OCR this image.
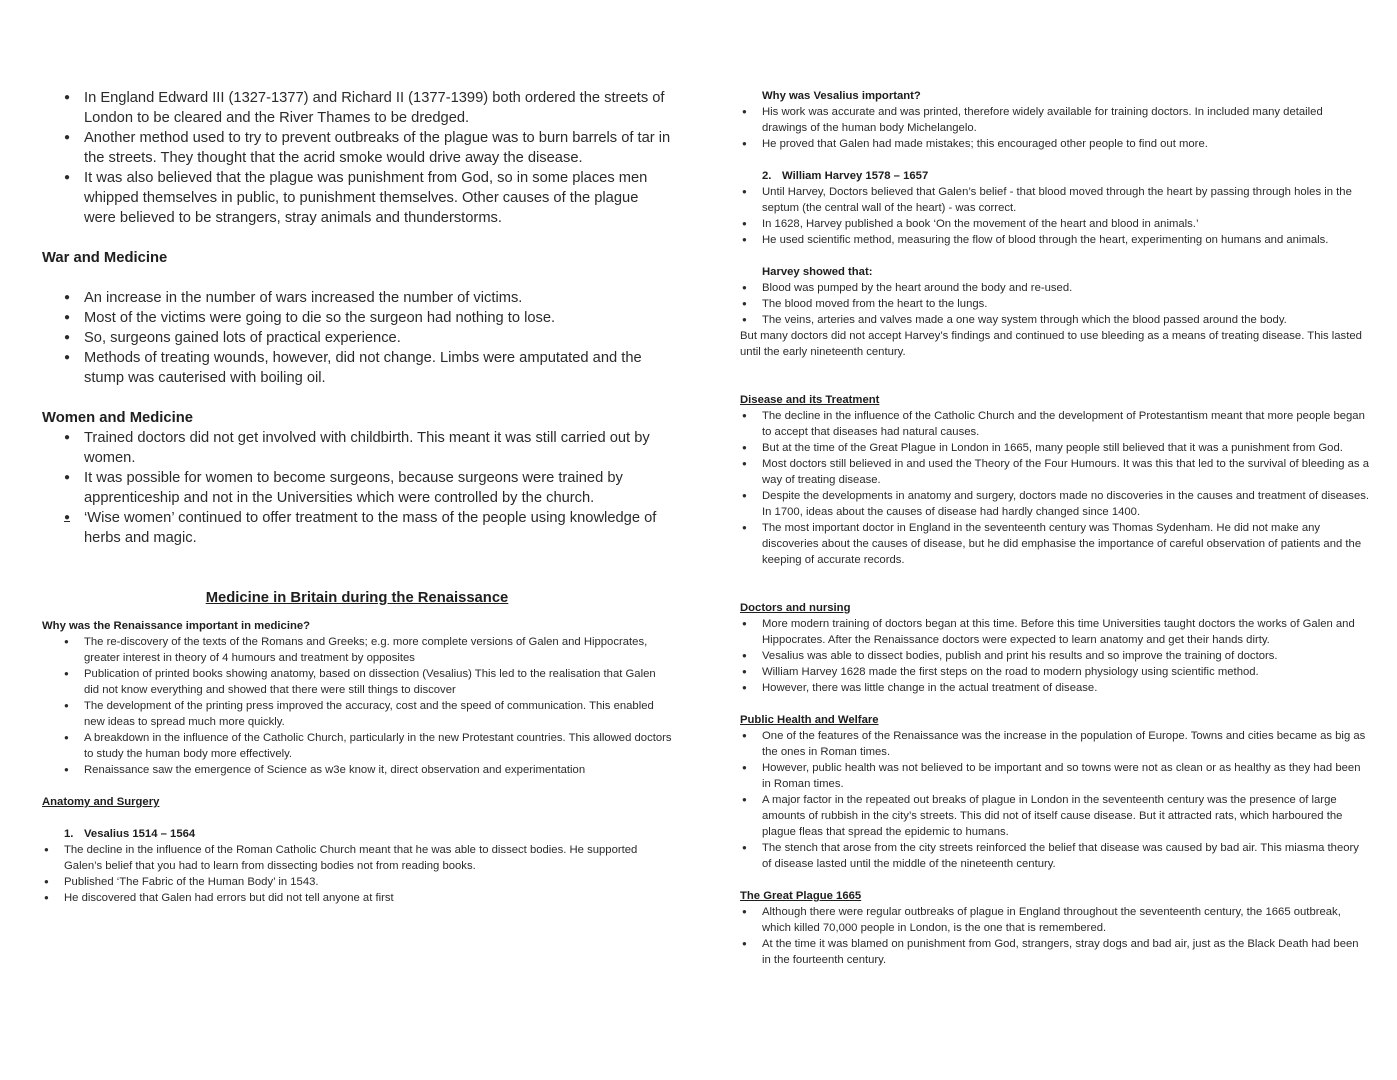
● In England Edward III (1327-1377) and Richard II (1377-1399) both ordered the streets of London to be cleared and the River Thames to be dredged.
● Another method used to try to prevent outbreaks of the plague was to burn barrels of tar in the streets. They thought that the acrid smoke would drive away the disease.
● It was also believed that the plague was punishment from God, so in some places men whipped themselves in public, to punishment themselves. Other causes of the plague were believed to be strangers, stray animals and thunderstorms.
War and Medicine
● An increase in the number of wars increased the number of victims.
● Most of the victims were going to die so the surgeon had nothing to lose.
● So, surgeons gained lots of practical experience.
● Methods of treating wounds, however, did not change. Limbs were amputated and the stump was cauterised with boiling oil.
Women and Medicine
● Trained doctors did not get involved with childbirth. This meant it was still carried out by women.
● It was possible for women to become surgeons, because surgeons were trained by apprenticeship and not in the Universities which were controlled by the church.
● ‘Wise women’ continued to offer treatment to the mass of the people using knowledge of herbs and magic.
Medicine in Britain during the Renaissance

Why was the Renaissance important in medicine?

● The re-discovery of the texts of the Romans and Greeks; e.g. more complete versions of Galen and Hippocrates, greater interest in theory of 4 humours and treatment by opposites
● Publication of printed books showing anatomy, based on dissection (Vesalius) This led to the realisation that Galen did not know everything and showed that there were still things to discover
● The development of the printing press improved the accuracy, cost and the speed of communication. This enabled new ideas to spread much more quickly.
● A breakdown in the influence of the Catholic Church, particularly in the new Protestant countries. This allowed doctors to study the human body more effectively.
● Renaissance saw the emergence of Science as w3e know it, direct observation and experimentation

Anatomy and Surgery

1. Vesalius 1514 – 1564

● The decline in the influence of the Roman Catholic Church meant that he was able to dissect bodies. He supported Galen’s belief that you had to learn from dissecting bodies not from reading books.
● Published ‘The Fabric of the Human Body’ in 1543.
● He discovered that Galen had errors but did not tell anyone at first

Why was Vesalius important?

● His work was accurate and was printed, therefore widely available for training doctors. In included many detailed drawings of the human body Michelangelo.
● He proved that Galen had made mistakes; this encouraged other people to find out more.

2. William Harvey 1578 – 1657

● Until Harvey, Doctors believed that Galen’s belief - that blood moved through the heart by passing through holes in the septum (the central wall of the heart) - was correct.
● In 1628, Harvey published a book ‘On the movement of the heart and blood in animals.’
● He used scientific method, measuring the flow of blood through the heart, experimenting on humans and animals.

Harvey showed that:

● Blood was pumped by the heart around the body and re-used.
● The blood moved from the heart to the lungs.
● The veins, arteries and valves made a one way system through which the blood passed around the body.

But many doctors did not accept Harvey’s findings and continued to use bleeding as a means of treating disease. This lasted until the early nineteenth century.

Disease and its Treatment

● The decline in the influence of the Catholic Church and the development of Protestantism meant that more people began to accept that diseases had natural causes.
● But at the time of the Great Plague in London in 1665, many people still believed that it was a punishment from God.
● Most doctors still believed in and used the Theory of the Four Humours. It was this that led to the survival of bleeding as a way of treating disease.
● Despite the developments in anatomy and surgery, doctors made no discoveries in the causes and treatment of diseases. In 1700, ideas about the causes of disease had hardly changed since 1400.
● The most important doctor in England in the seventeenth century was Thomas Sydenham. He did not make any discoveries about the causes of disease, but he did emphasise the importance of careful observation of patients and the keeping of accurate records.

Doctors and nursing

● More modern training of doctors began at this time. Before this time Universities taught doctors the works of Galen and Hippocrates. After the Renaissance doctors were expected to learn anatomy and get their hands dirty.
● Vesalius was able to dissect bodies, publish and print his results and so improve the training of doctors.
● William Harvey 1628 made the first steps on the road to modern physiology using scientific method.
● However, there was little change in the actual treatment of disease.

Public Health and Welfare

● One of the features of the Renaissance was the increase in the population of Europe. Towns and cities became as big as the ones in Roman times.
● However, public health was not believed to be important and so towns were not as clean or as healthy as they had been in Roman times.
● A major factor in the repeated out breaks of plague in London in the seventeenth century was the presence of large amounts of rubbish in the city’s streets. This did not of itself cause disease. But it attracted rats, which harboured the plague fleas that spread the epidemic to humans.
● The stench that arose from the city streets reinforced the belief that disease was caused by bad air. This miasma theory of disease lasted until the middle of the nineteenth century.

The Great Plague 1665

● Although there were regular outbreaks of plague in England throughout the seventeenth century, the 1665 outbreak, which killed 70,000 people in London, is the one that is remembered.
● At the time it was blamed on punishment from God, strangers, stray dogs and bad air, just as the Black Death had been in the fourteenth century.
